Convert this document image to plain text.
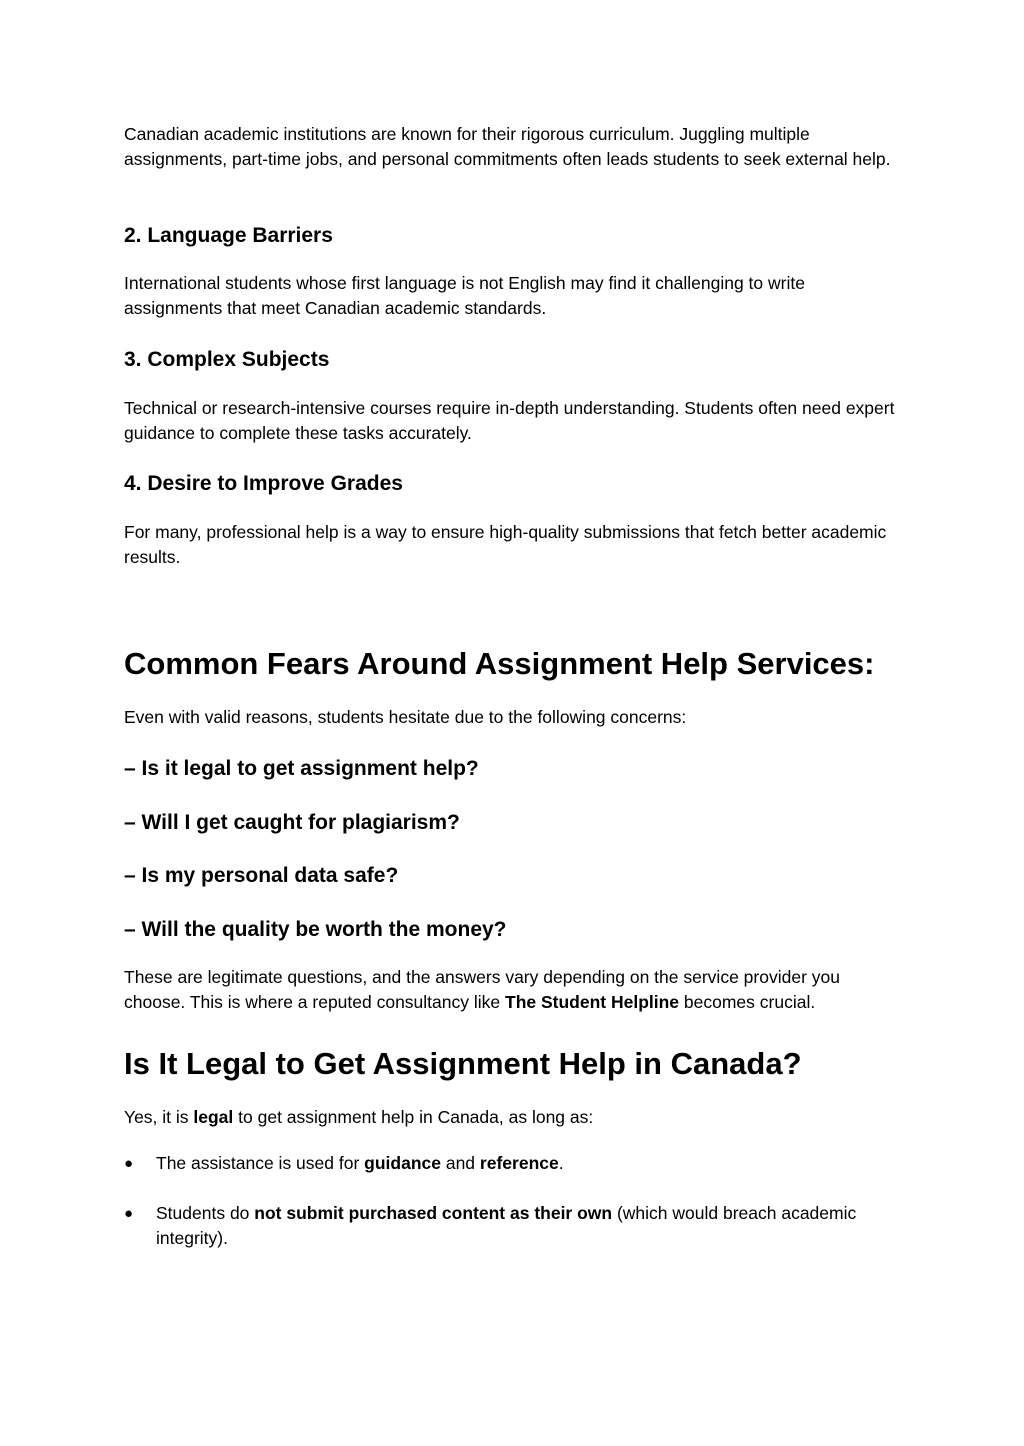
Canadian academic institutions are known for their rigorous curriculum. Juggling multiple assignments, part-time jobs, and personal commitments often leads students to seek external help.

2. Language Barriers

International students whose first language is not English may find it challenging to write assignments that meet Canadian academic standards.

3. Complex Subjects

Technical or research-intensive courses require in-depth understanding. Students often need expert guidance to complete these tasks accurately.

4. Desire to Improve Grades

For many, professional help is a way to ensure high-quality submissions that fetch better academic results.

Common Fears Around Assignment Help Services:

Even with valid reasons, students hesitate due to the following concerns:

– Is it legal to get assignment help?
– Will I get caught for plagiarism?
– Is my personal data safe?
– Will the quality be worth the money?

These are legitimate questions, and the answers vary depending on the service provider you choose. This is where a reputed consultancy like The Student Helpline becomes crucial.

Is It Legal to Get Assignment Help in Canada?

Yes, it is legal to get assignment help in Canada, as long as:

● The assistance is used for guidance and reference.
● Students do not submit purchased content as their own (which would breach academic integrity).
